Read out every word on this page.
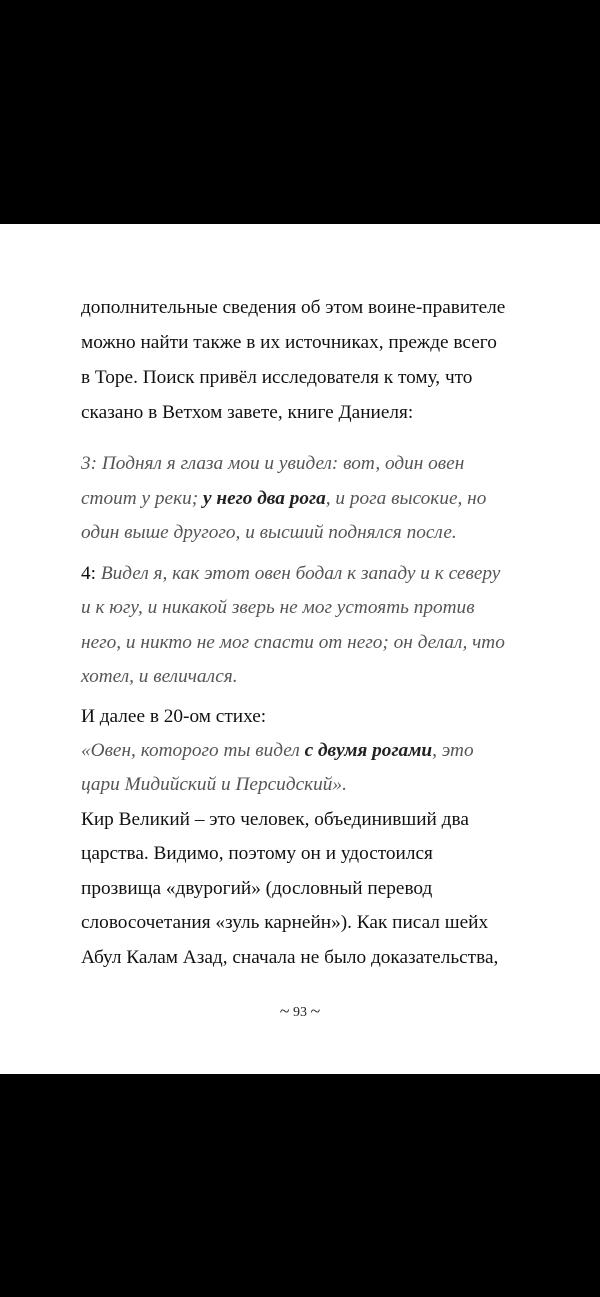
дополнительные сведения об этом воине-правителе
можно найти также в их источниках, прежде всего
в Торе. Поиск привёл исследователя к тому, что
сказано в Ветхом завете, книге Даниеля:
3: Поднял я глаза мои и увидел: вот, один овен
стоит у реки; у него два рога, и рога высокие, но
один выше другого, и высший поднялся после.
4: Видел я, как этот овен бодал к западу и к северу
и к югу, и никакой зверь не мог устоять против
него, и никто не мог спасти от него; он делал, что
хотел, и величался.
И далее в 20-ом стихе:
«Овен, которого ты видел с двумя рогами, это
цари Мидийский и Персидский».
Кир Великий – это человек, объединивший два
царства. Видимо, поэтому он и удостоился
прозвища «двурогий» (дословный перевод
словосочетания «зуль карнейн»). Как писал шейх
Абул Калам Азад, сначала не было доказательства,
~ 93 ~
